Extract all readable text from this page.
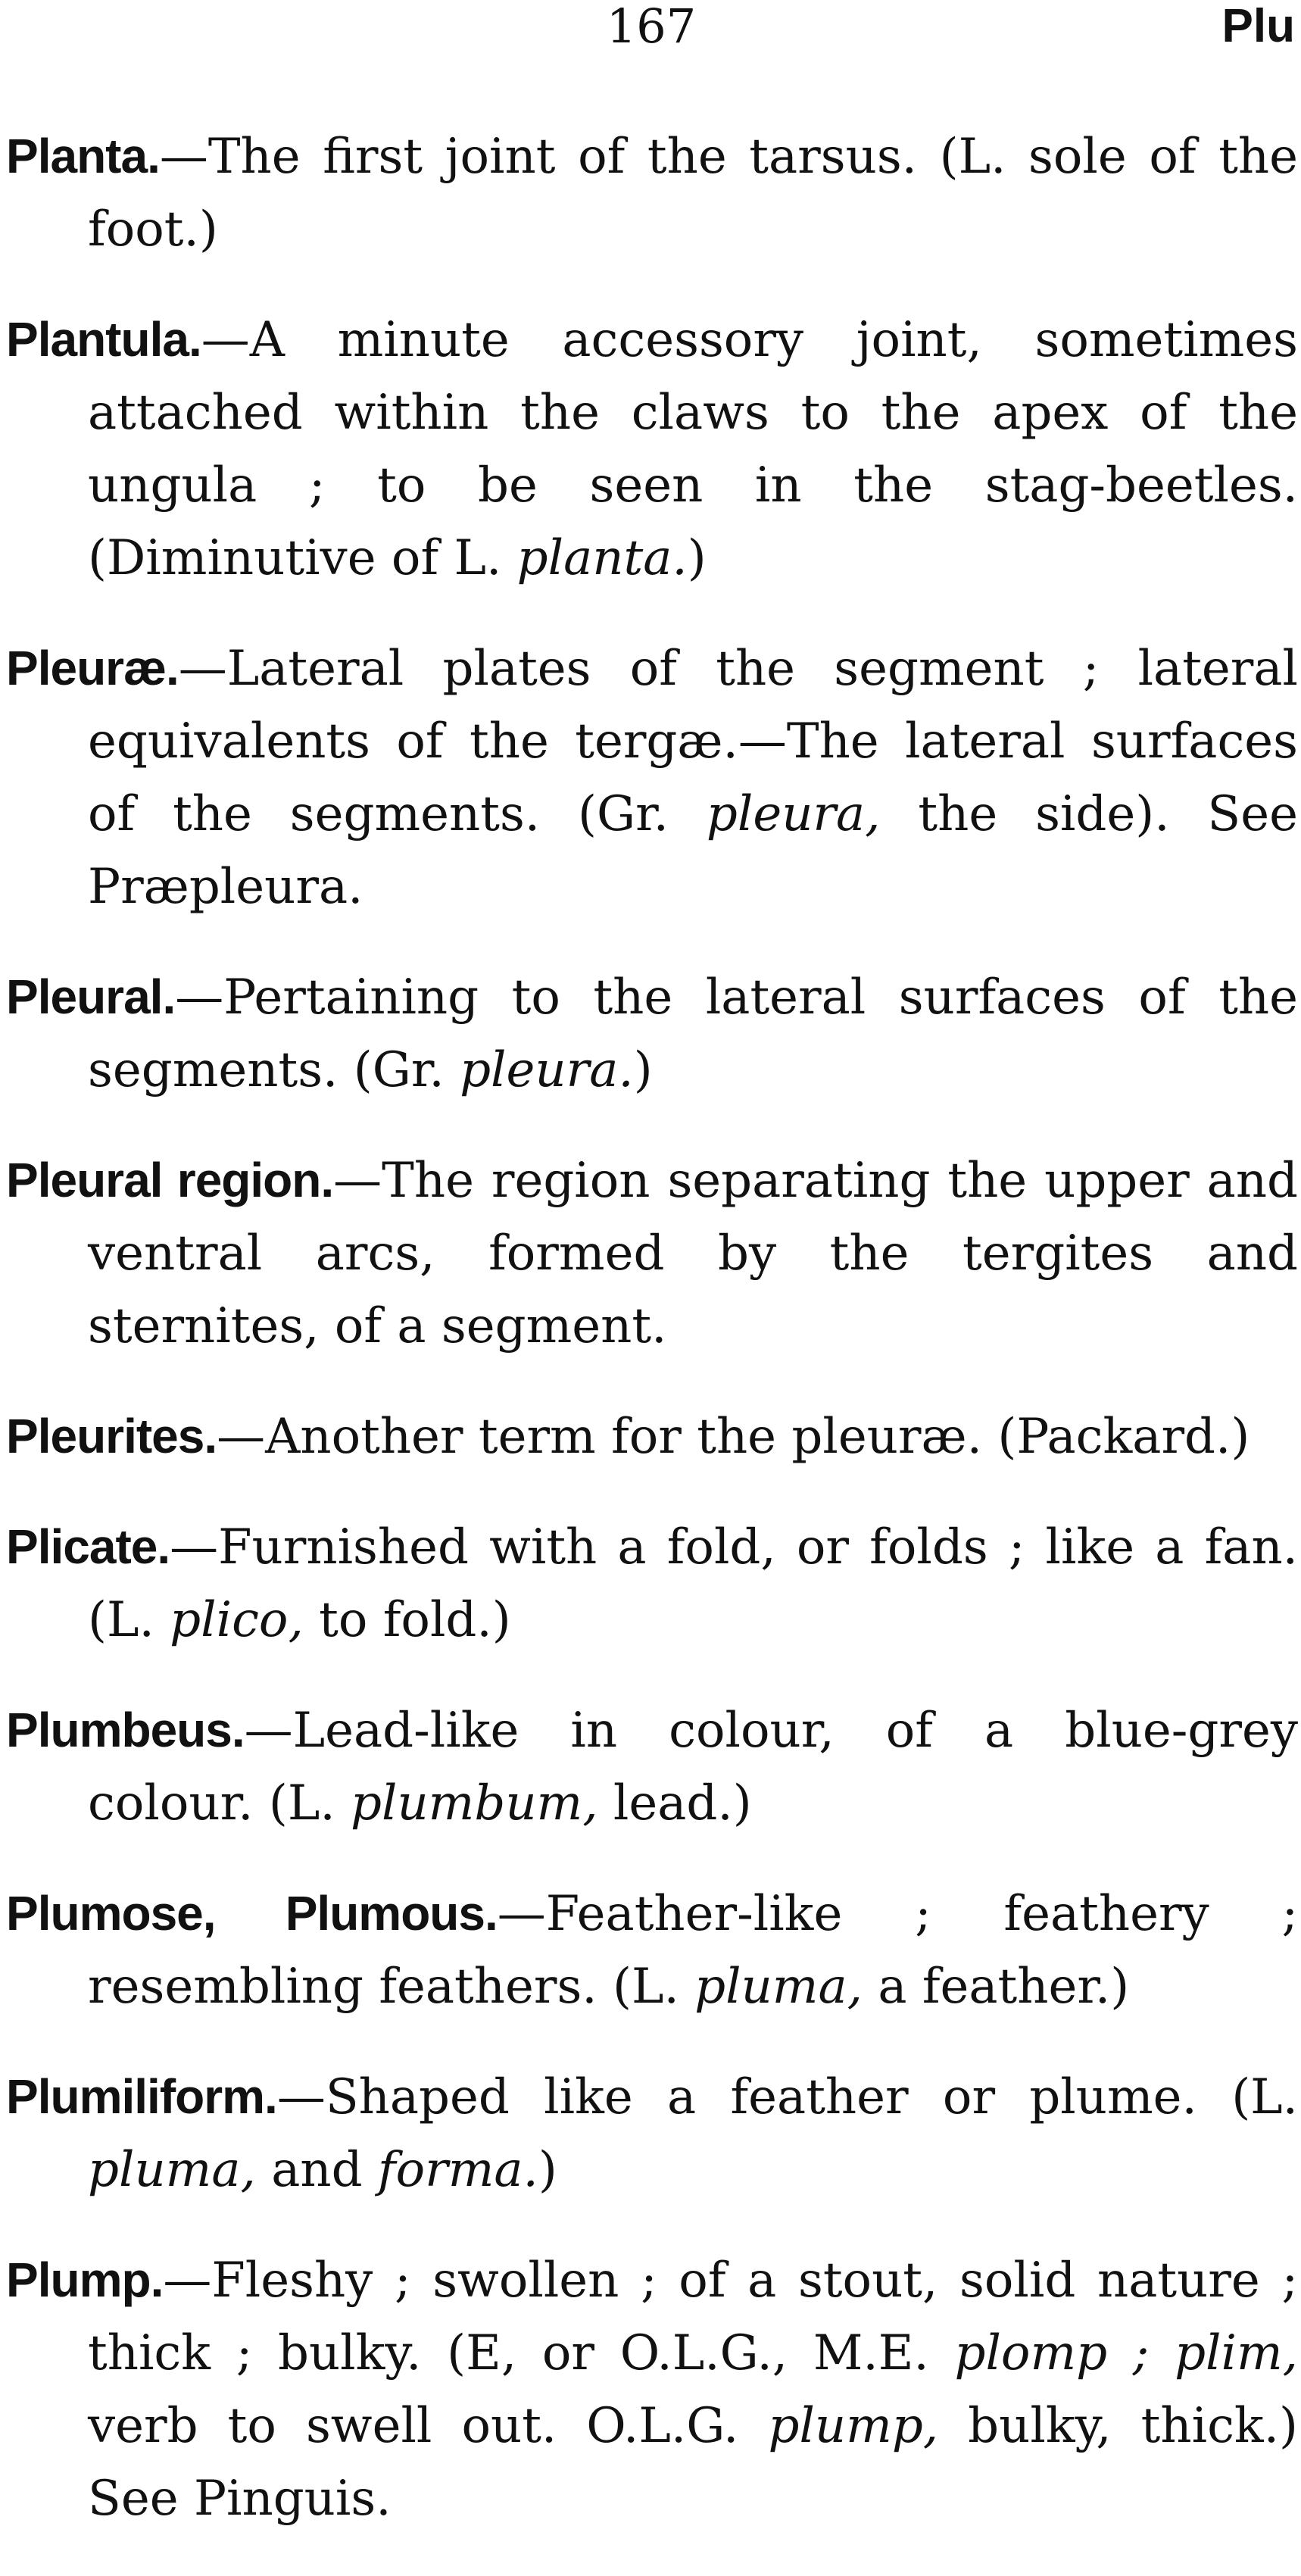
167	Plu

Planta.—The first joint of the tarsus. (L. sole of the foot.)

Plantula.—A minute accessory joint, sometimes attached within the claws to the apex of the ungula ; to be seen in the stag-beetles. (Diminutive of L. planta.)

Pleuræ.—Lateral plates of the segment ; lateral equivalents of the tergæ.—The lateral surfaces of the segments. (Gr. pleura, the side). See Præpleura.

Pleural.—Pertaining to the lateral surfaces of the segments. (Gr. pleura.)

Pleural region.—The region separating the upper and ventral arcs, formed by the tergites and sternites, of a segment.

Pleurites.—Another term for the pleuræ. (Packard.)

Plicate.—Furnished with a fold, or folds ; like a fan. (L. plico, to fold.)

Plumbeus.—Lead-like in colour, of a blue-grey colour. (L. plumbum, lead.)

Plumose, Plumous.—Feather-like ; feathery ; resembling feathers. (L. pluma, a feather.)

Plumiliform.—Shaped like a feather or plume. (L. pluma, and forma.)

Plump.—Fleshy ; swollen ; of a stout, solid nature ; thick ; bulky. (E, or O.L.G., M.E. plomp ; plim, verb to swell out. O.L.G. plump, bulky, thick.) See Pinguis.
